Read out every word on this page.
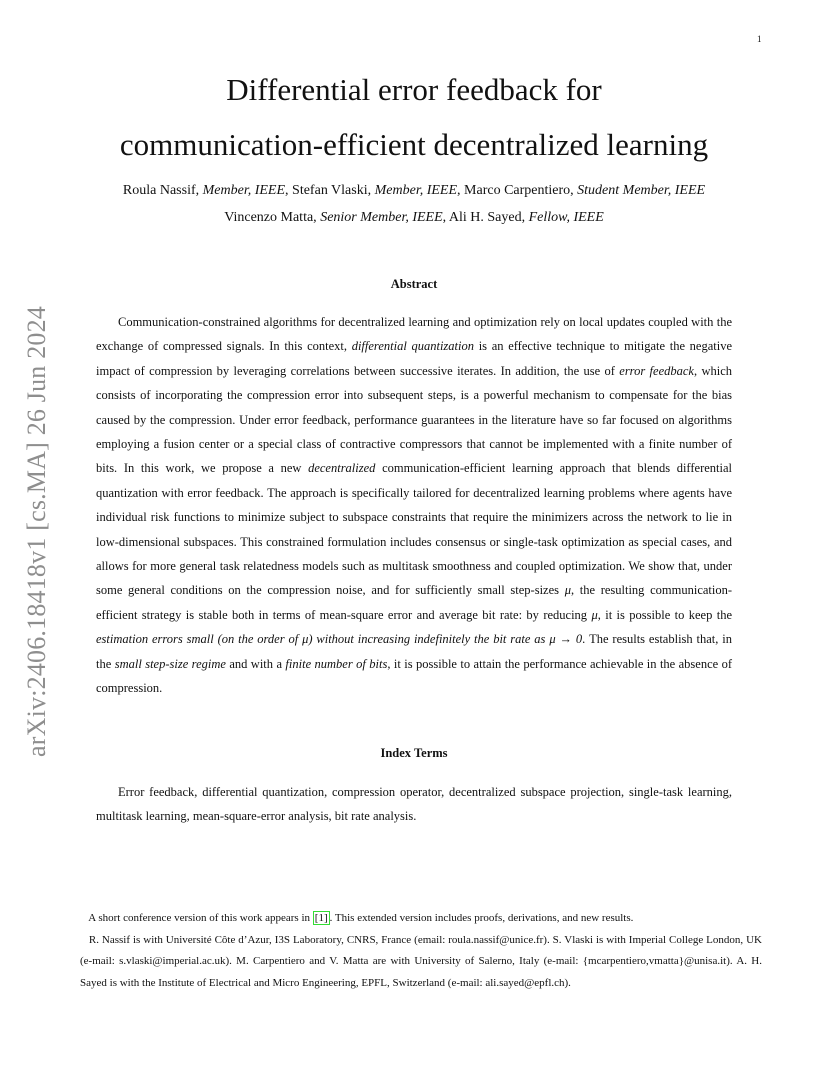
1
arXiv:2406.18418v1 [cs.MA] 26 Jun 2024
Differential error feedback for
communication-efficient decentralized learning
Roula Nassif, Member, IEEE, Stefan Vlaski, Member, IEEE, Marco Carpentiero, Student Member, IEEE
Vincenzo Matta, Senior Member, IEEE, Ali H. Sayed, Fellow, IEEE
Abstract

Communication-constrained algorithms for decentralized learning and optimization rely on local updates coupled with the exchange of compressed signals. In this context, differential quantization is an effective technique to mitigate the negative impact of compression by leveraging correlations between successive iterates. In addition, the use of error feedback, which consists of incorporating the compression error into subsequent steps, is a powerful mechanism to compensate for the bias caused by the compression. Under error feedback, performance guarantees in the literature have so far focused on algorithms employing a fusion center or a special class of contractive compressors that cannot be implemented with a finite number of bits. In this work, we propose a new decentralized communication-efficient learning approach that blends differential quantization with error feedback. The approach is specifically tailored for decentralized learning problems where agents have individual risk functions to minimize subject to subspace constraints that require the minimizers across the network to lie in low-dimensional subspaces. This constrained formulation includes consensus or single-task optimization as special cases, and allows for more general task relatedness models such as multitask smoothness and coupled optimization. We show that, under some general conditions on the compression noise, and for sufficiently small step-sizes μ, the resulting communication-efficient strategy is stable both in terms of mean-square error and average bit rate: by reducing μ, it is possible to keep the estimation errors small (on the order of μ) without increasing indefinitely the bit rate as μ → 0. The results establish that, in the small step-size regime and with a finite number of bits, it is possible to attain the performance achievable in the absence of compression.

Index Terms

Error feedback, differential quantization, compression operator, decentralized subspace projection, single-task learning, multitask learning, mean-square-error analysis, bit rate analysis.

A short conference version of this work appears in [1] . This extended version includes proofs, derivations, and new results.

R. Nassif is with Université Côte d’Azur, I3S Laboratory, CNRS, France (email: roula.nassif@unice.fr). S. Vlaski is with Imperial College London, UK (e-mail: s.vlaski@imperial.ac.uk). M. Carpentiero and V. Matta are with University of Salerno, Italy (e-mail: {mcarpentiero,vmatta}@unisa.it). A. H. Sayed is with the Institute of Electrical and Micro Engineering, EPFL, Switzerland (e-mail: ali.sayed@epfl.ch).
